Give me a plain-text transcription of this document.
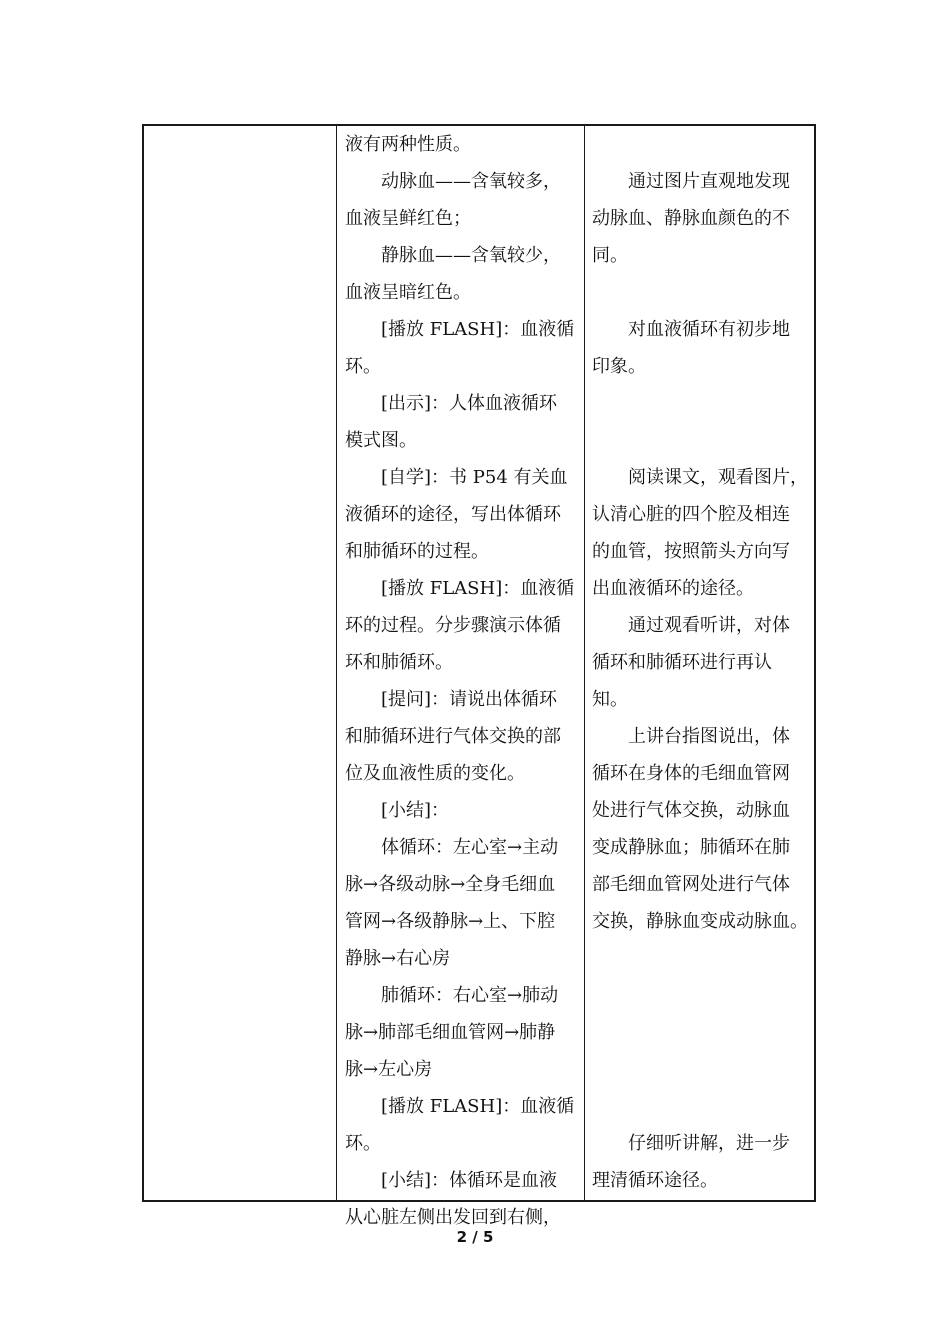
液有两种性质。
动脉血——含氧较多，
血液呈鲜红色；
静脉血——含氧较少，
血液呈暗红色。
[播放 FLASH]：血液循
环。
[出示]：人体血液循环
模式图。
[自学]：书 P54 有关血
液循环的途径，写出体循环
和肺循环的过程。
[播放 FLASH]：血液循
环的过程。分步骤演示体循
环和肺循环。
[提问]：请说出体循环
和肺循环进行气体交换的部
位及血液性质的变化。
[小结]：
体循环：左心室→主动
脉→各级动脉→全身毛细血
管网→各级静脉→上、下腔
静脉→右心房
肺循环：右心室→肺动
脉→肺部毛细血管网→肺静
脉→左心房
[播放 FLASH]：血液循
环。
[小结]：体循环是血液
从心脏左侧出发回到右侧，
通过图片直观地发现
动脉血、静脉血颜色的不
同。
对血液循环有初步地
印象。
阅读课文，观看图片，
认清心脏的四个腔及相连
的血管，按照箭头方向写
出血液循环的途径。
通过观看听讲，对体
循环和肺循环进行再认
知。
上讲台指图说出，体
循环在身体的毛细血管网
处进行气体交换，动脉血
变成静脉血；肺循环在肺
部毛细血管网处进行气体
交换，静脉血变成动脉血。
仔细听讲解，进一步
理清循环途径。
2 / 5
